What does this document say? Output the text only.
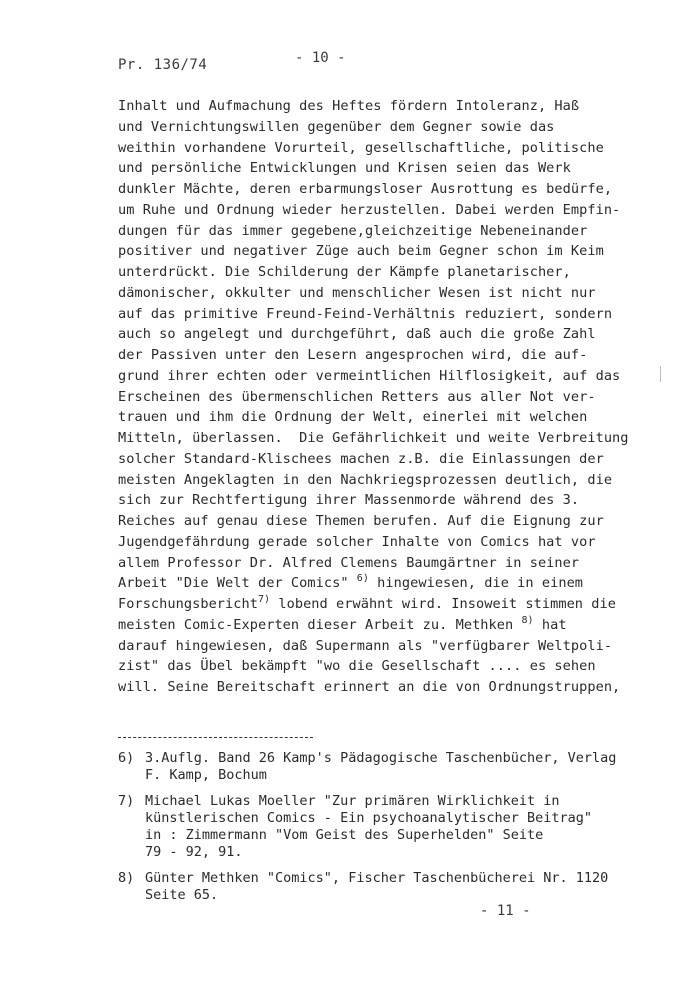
Pr. 136/74	- 10 -
Inhalt und Aufmachung des Heftes fördern Intoleranz, Haß
und Vernichtungswillen gegenüber dem Gegner sowie das
weithin vorhandene Vorurteil, gesellschaftliche, politische
und persönliche Entwicklungen und Krisen seien das Werk
dunkler Mächte, deren erbarmungsloser Ausrottung es bedürfe,
um Ruhe und Ordnung wieder herzustellen. Dabei werden Empfin-
dungen für das immer gegebene,gleichzeitige Nebeneinander
positiver und negativer Züge auch beim Gegner schon im Keim
unterdrückt. Die Schilderung der Kämpfe planetarischer,
dämonischer, okkulter und menschlicher Wesen ist nicht nur
auf das primitive Freund-Feind-Verhältnis reduziert, sondern
auch so angelegt und durchgeführt, daß auch die große Zahl
der Passiven unter den Lesern angesprochen wird, die auf-
grund ihrer echten oder vermeintlichen Hilflosigkeit, auf das
Erscheinen des übermenschlichen Retters aus aller Not ver-
trauen und ihm die Ordnung der Welt, einerlei mit welchen
Mitteln, überlassen.  Die Gefährlichkeit und weite Verbreitung
solcher Standard-Klischees machen z.B. die Einlassungen der
meisten Angeklagten in den Nachkriegsprozessen deutlich, die
sich zur Rechtfertigung ihrer Massenmorde während des 3.
Reiches auf genau diese Themen berufen. Auf die Eignung zur
Jugendgefährdung gerade solcher Inhalte von Comics hat vor
allem Professor Dr. Alfred Clemens Baumgärtner in seiner
Arbeit "Die Welt der Comics" $^{6)}$ hingewiesen, die in einem
Forschungsbericht$^{7)}$ lobend erwähnt wird. Insoweit stimmen die
meisten Comic-Experten dieser Arbeit zu. Methken $^{8)}$ hat
darauf hingewiesen, daß Supermann als "verfügbarer Weltpoli-
zist" das Übel bekämpft "wo die Gesellschaft .... es sehen
will. Seine Bereitschaft erinnert an die von Ordnungstruppen,
6) 3.Auflg. Band 26 Kamp's Pädagogische Taschenbücher, Verlag
F. Kamp, Bochum
7) Michael Lukas Moeller "Zur primären Wirklichkeit in
künstlerischen Comics - Ein psychoanalytischer Beitrag"
in : Zimmermann "Vom Geist des Superhelden" Seite
79 - 92, 91.
8) Günter Methken "Comics", Fischer Taschenbücherei Nr. 1120
Seite 65.
- 11 -
